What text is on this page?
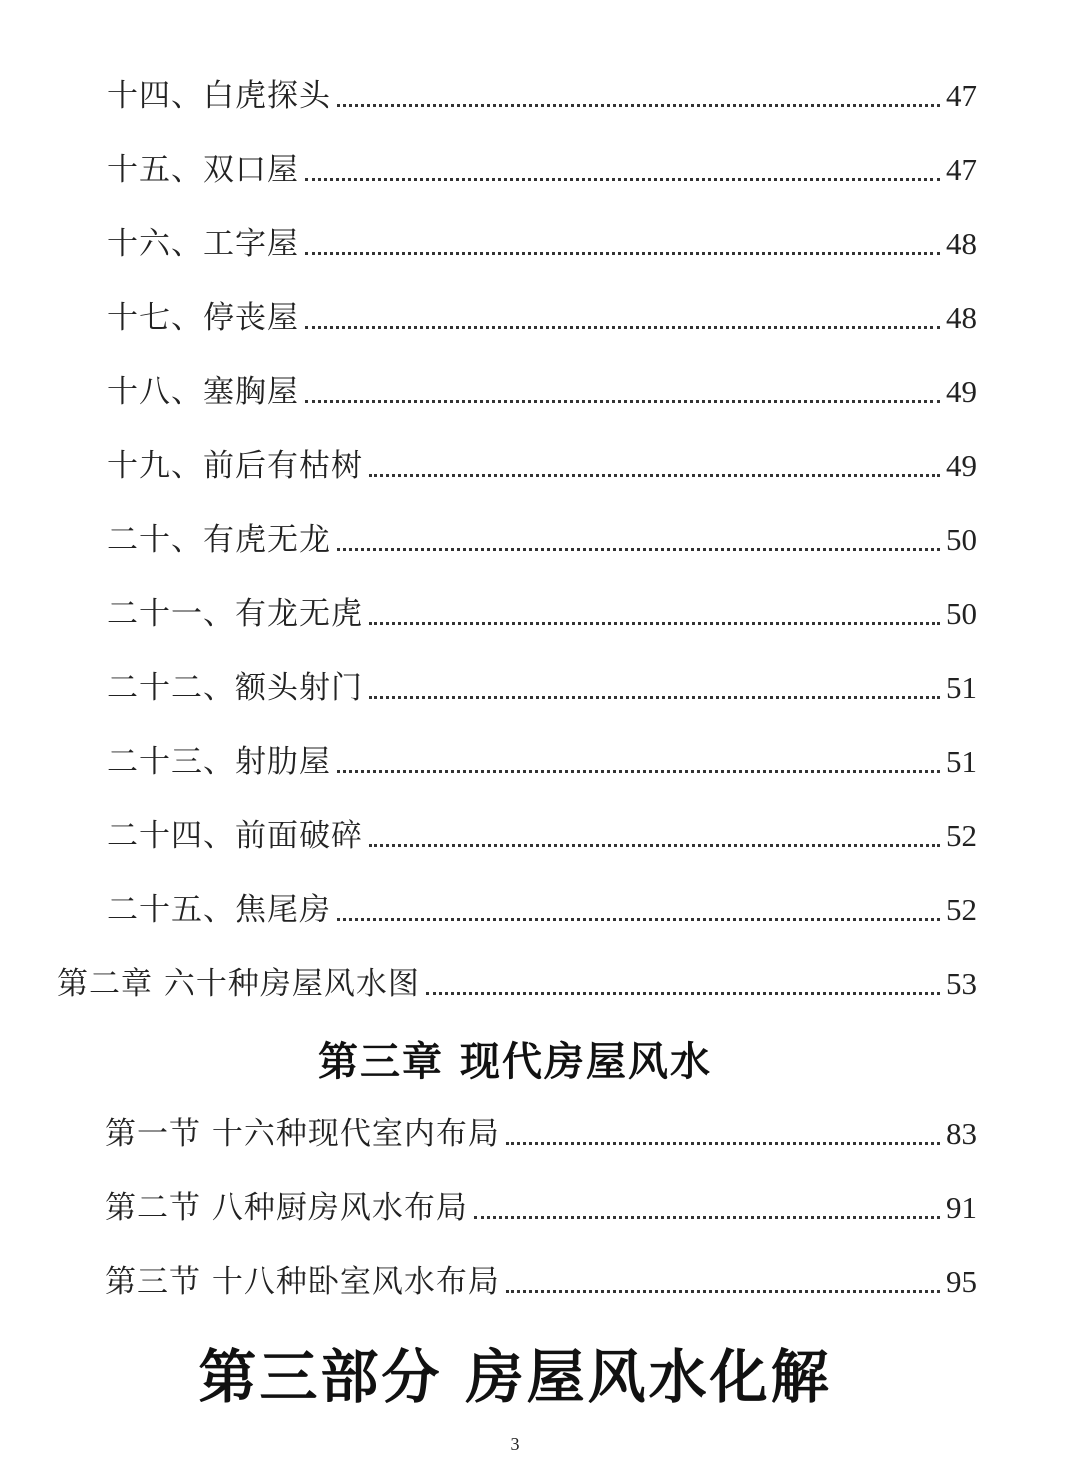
十四、白虎探头	47
十五、双口屋	47
十六、工字屋	48
十七、停丧屋	48
十八、塞胸屋	49
十九、前后有枯树	49
二十、有虎无龙	50
二十一、有龙无虎	50
二十二、额头射门	51
二十三、射肋屋	51
二十四、前面破碎	52
二十五、焦尾房	52
第二章 六十种房屋风水图	53
第三章 现代房屋风水
第一节 十六种现代室内布局	83
第二节 八种厨房风水布局	91
第三节 十八种卧室风水布局	95
第三部分 房屋风水化解
3
